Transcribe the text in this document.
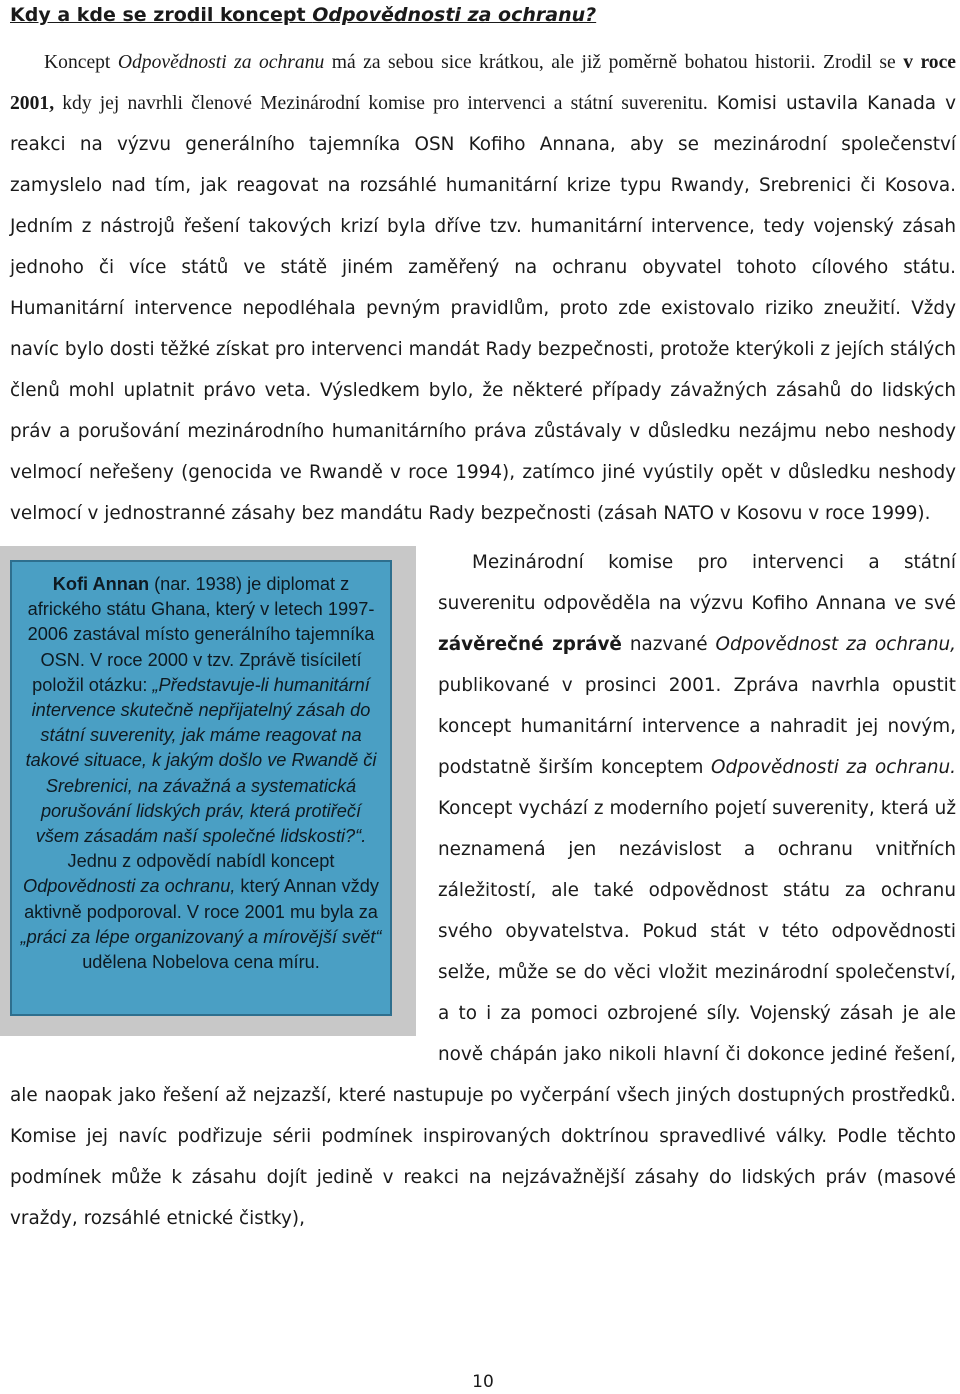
Kdy a kde se zrodil koncept Odpovědnosti za ochranu?

Koncept Odpovědnosti za ochranu má za sebou sice krátkou, ale již poměrně bohatou historii. Zrodil se v roce 2001, kdy jej navrhli členové Mezinárodní komise pro intervenci a státní suverenitu. Komisi ustavila Kanada v reakci na výzvu generálního tajemníka OSN Kofiho Annana, aby se mezinárodní společenství zamyslelo nad tím, jak reagovat na rozsáhlé humanitární krize typu Rwandy, Srebrenici či Kosova. Jedním z nástrojů řešení takových krizí byla dříve tzv. humanitární intervence, tedy vojenský zásah jednoho či více států ve státě jiném zaměřený na ochranu obyvatel tohoto cílového státu. Humanitární intervence nepodléhala pevným pravidlům, proto zde existovalo riziko zneužití. Vždy navíc bylo dosti těžké získat pro intervenci mandát Rady bezpečnosti, protože kterýkoli z jejích stálých členů mohl uplatnit právo veta. Výsledkem bylo, že některé případy závažných zásahů do lidských práv a porušování mezinárodního humanitárního práva zůstávaly v důsledku nezájmu nebo neshody velmocí neřešeny (genocida ve Rwandě v roce 1994), zatímco jiné vyústily opět v důsledku neshody velmocí v jednostranné zásahy bez mandátu Rady bezpečnosti (zásah NATO v Kosovu v roce 1999).

Kofi Annan (nar. 1938) je diplomat z afrického státu Ghana, který v letech 1997-2006 zastával místo generálního tajemníka OSN. V roce 2000 v tzv. Zprávě tisíciletí položil otázku: „Představuje-li humanitární intervence skutečně nepřijatelný zásah do státní suverenity, jak máme reagovat na takové situace, k jakým došlo ve Rwandě či Srebrenici, na závažná a systematická porušování lidských práv, která protiřečí všem zásadám naší společné lidskosti?“. Jednu z odpovědí nabídl koncept Odpovědnosti za ochranu, který Annan vždy aktivně podporoval. V roce 2001 mu byla za „práci za lépe organizovaný a mírovější svět“ udělena Nobelova cena míru.

Mezinárodní komise pro intervenci a státní suverenitu odpověděla na výzvu Kofiho Annana ve své závěrečné zprávě nazvané Odpovědnost za ochranu, publikované v prosinci 2001. Zpráva navrhla opustit koncept humanitární intervence a nahradit jej novým, podstatně širším konceptem Odpovědnosti za ochranu. Koncept vychází z moderního pojetí suverenity, která už neznamená jen nezávislost a ochranu vnitřních záležitostí, ale také odpovědnost státu za ochranu svého obyvatelstva. Pokud stát v této odpovědnosti selže, může se do věci vložit mezinárodní společenství, a to i za pomoci ozbrojené síly. Vojenský zásah je ale nově chápán jako nikoli hlavní či dokonce jediné řešení, ale naopak jako řešení až nejzazší, které nastupuje po vyčerpání všech jiných dostupných prostředků. Komise jej navíc podřizuje sérii podmínek inspirovaných doktrínou spravedlivé války. Podle těchto podmínek může k zásahu dojít jedině v reakci na nejzávažnější zásahy do lidských práv (masové vraždy, rozsáhlé etnické čistky),

10
